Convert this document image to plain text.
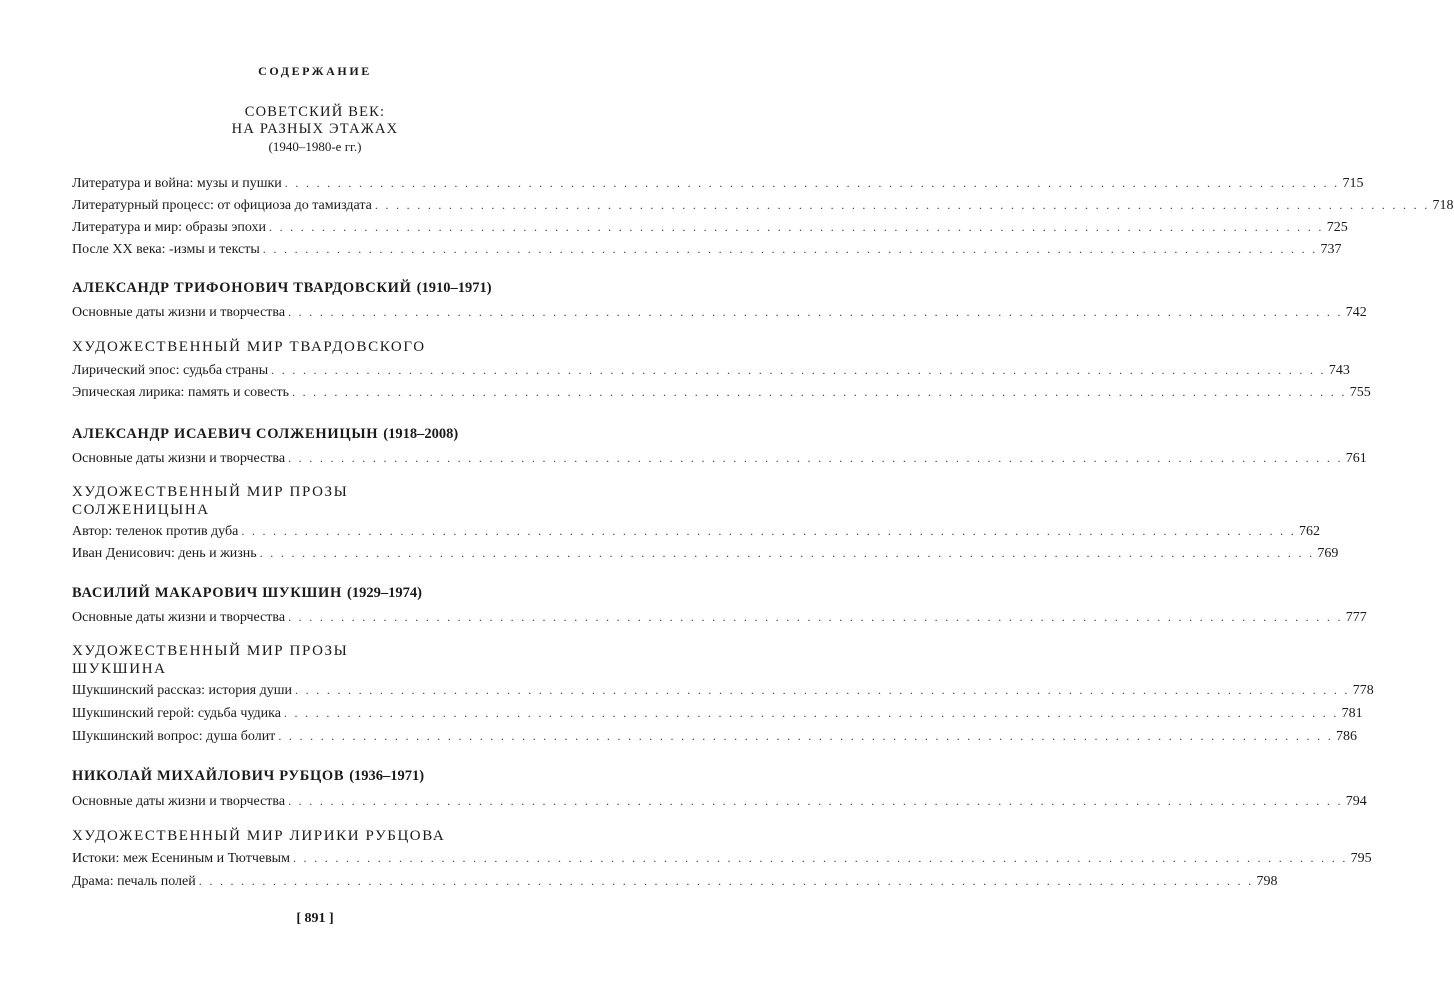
СОДЕРЖАНИЕ
СОВЕТСКИЙ ВЕК:
НА РАЗНЫХ ЭТАЖАХ
(1940–1980-е гг.)
Литература и война: музы и пушки . . . . . . . . . . . . . . . . . . . . . . . . . . . . . . . . . . . . . . . . . . . . . . . . . . . . . . . . . . . . . . . . . . . . . . . . . . . . . . . . . . . . . . . . . . . . . . . . . . . . 715
Литературный процесс: от официоза до тамиздата . . . . . . . . . . . . . . . . . . . . . . . . . . . . . . . . . . . . . . . . . . . . . . . . . . . . . . . . . . . . . . . . . . . . . . . . . . . . . . . . . . . . . . . . . . . . . . . . . . . . 718
Литература и мир: образы эпохи . . . . . . . . . . . . . . . . . . . . . . . . . . . . . . . . . . . . . . . . . . . . . . . . . . . . . . . . . . . . . . . . . . . . . . . . . . . . . . . . . . . . . . . . . . . . . . . . . . . . 725
После XX века: -измы и тексты . . . . . . . . . . . . . . . . . . . . . . . . . . . . . . . . . . . . . . . . . . . . . . . . . . . . . . . . . . . . . . . . . . . . . . . . . . . . . . . . . . . . . . . . . . . . . . . . . . . . 737
АЛЕКСАНДР ТРИФОНОВИЧ ТВАРДОВСКИЙ (1910–1971)
Основные даты жизни и творчества . . . . . . . . . . . . . . . . . . . . . . . . . . . . . . . . . . . . . . . . . . . . . . . . . . . . . . . . . . . . . . . . . . . . . . . . . . . . . . . . . . . . . . . . . . . . . . . . . . . . 742
ХУДОЖЕСТВЕННЫЙ МИР ТВАРДОВСКОГО
Лирический эпос: судьба страны . . . . . . . . . . . . . . . . . . . . . . . . . . . . . . . . . . . . . . . . . . . . . . . . . . . . . . . . . . . . . . . . . . . . . . . . . . . . . . . . . . . . . . . . . . . . . . . . . . . . 743
Эпическая лирика: память и совесть . . . . . . . . . . . . . . . . . . . . . . . . . . . . . . . . . . . . . . . . . . . . . . . . . . . . . . . . . . . . . . . . . . . . . . . . . . . . . . . . . . . . . . . . . . . . . . . . . . . . 755
АЛЕКСАНДР ИСАЕВИЧ СОЛЖЕНИЦЫН (1918–2008)
Основные даты жизни и творчества . . . . . . . . . . . . . . . . . . . . . . . . . . . . . . . . . . . . . . . . . . . . . . . . . . . . . . . . . . . . . . . . . . . . . . . . . . . . . . . . . . . . . . . . . . . . . . . . . . . . 761
ХУДОЖЕСТВЕННЫЙ МИР ПРОЗЫ
СОЛЖЕНИЦЫНА
Автор: теленок против дуба . . . . . . . . . . . . . . . . . . . . . . . . . . . . . . . . . . . . . . . . . . . . . . . . . . . . . . . . . . . . . . . . . . . . . . . . . . . . . . . . . . . . . . . . . . . . . . . . . . . . 762
Иван Денисович: день и жизнь . . . . . . . . . . . . . . . . . . . . . . . . . . . . . . . . . . . . . . . . . . . . . . . . . . . . . . . . . . . . . . . . . . . . . . . . . . . . . . . . . . . . . . . . . . . . . . . . . . . . 769
ВАСИЛИЙ МАКАРОВИЧ ШУКШИН (1929–1974)
Основные даты жизни и творчества . . . . . . . . . . . . . . . . . . . . . . . . . . . . . . . . . . . . . . . . . . . . . . . . . . . . . . . . . . . . . . . . . . . . . . . . . . . . . . . . . . . . . . . . . . . . . . . . . . . . 777
ХУДОЖЕСТВЕННЫЙ МИР ПРОЗЫ
ШУКШИНА
Шукшинский рассказ: история души . . . . . . . . . . . . . . . . . . . . . . . . . . . . . . . . . . . . . . . . . . . . . . . . . . . . . . . . . . . . . . . . . . . . . . . . . . . . . . . . . . . . . . . . . . . . . . . . . . . . 778
Шукшинский герой: судьба чудика . . . . . . . . . . . . . . . . . . . . . . . . . . . . . . . . . . . . . . . . . . . . . . . . . . . . . . . . . . . . . . . . . . . . . . . . . . . . . . . . . . . . . . . . . . . . . . . . . . . . 781
Шукшинский вопрос: душа болит . . . . . . . . . . . . . . . . . . . . . . . . . . . . . . . . . . . . . . . . . . . . . . . . . . . . . . . . . . . . . . . . . . . . . . . . . . . . . . . . . . . . . . . . . . . . . . . . . . . . 786
НИКОЛАЙ МИХАЙЛОВИЧ РУБЦОВ (1936–1971)
Основные даты жизни и творчества . . . . . . . . . . . . . . . . . . . . . . . . . . . . . . . . . . . . . . . . . . . . . . . . . . . . . . . . . . . . . . . . . . . . . . . . . . . . . . . . . . . . . . . . . . . . . . . . . . . . 794
ХУДОЖЕСТВЕННЫЙ МИР ЛИРИКИ РУБЦОВА
Истоки: меж Есениным и Тютчевым . . . . . . . . . . . . . . . . . . . . . . . . . . . . . . . . . . . . . . . . . . . . . . . . . . . . . . . . . . . . . . . . . . . . . . . . . . . . . . . . . . . . . . . . . . . . . . . . . . . . 795
Драма: печаль полей . . . . . . . . . . . . . . . . . . . . . . . . . . . . . . . . . . . . . . . . . . . . . . . . . . . . . . . . . . . . . . . . . . . . . . . . . . . . . . . . . . . . . . . . . . . . . . . . . . . . 798
[ 891 ]
